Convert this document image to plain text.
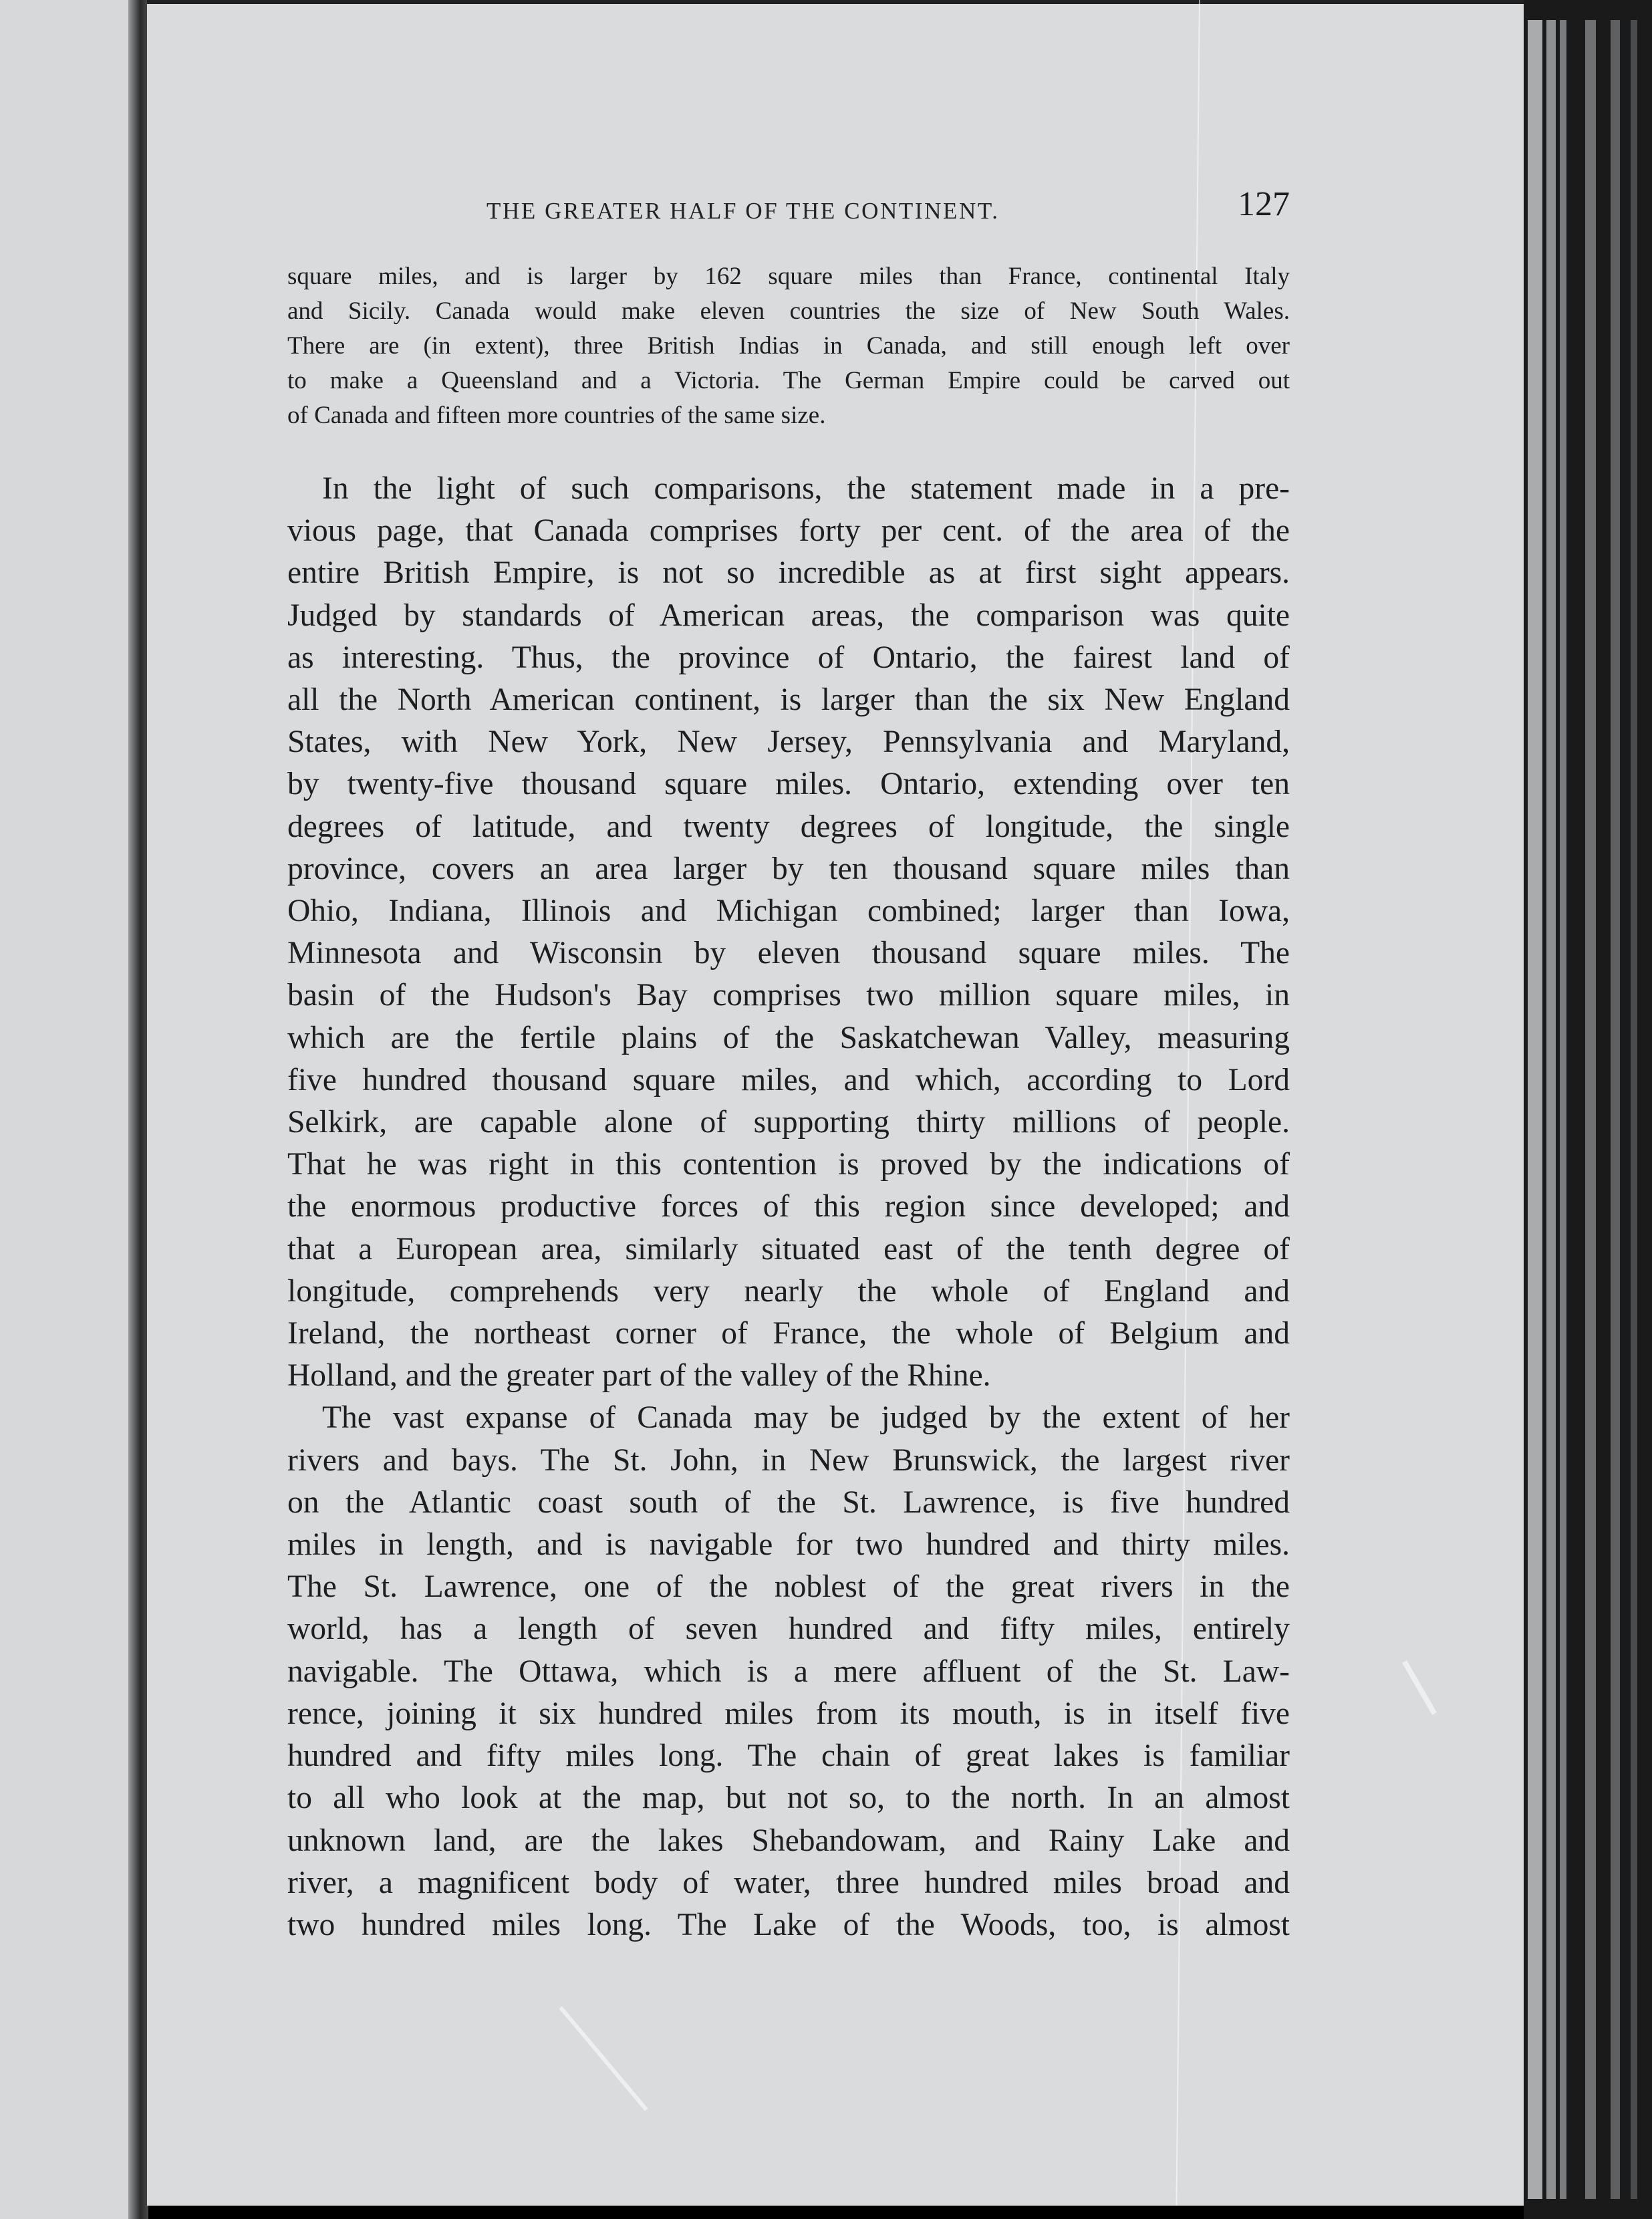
THE GREATER HALF OF THE CONTINENT.	127
square miles, and is larger by 162 square miles than France, continental Italy
and Sicily. Canada would make eleven countries the size of New South Wales.
There are (in extent), three British Indias in Canada, and still enough left over
to make a Queensland and a Victoria. The German Empire could be carved out
of Canada and fifteen more countries of the same size.
In the light of such comparisons, the statement made in a pre-
vious page, that Canada comprises forty per cent. of the area of the
entire British Empire, is not so incredible as at first sight appears.
Judged by standards of American areas, the comparison was quite
as interesting. Thus, the province of Ontario, the fairest land of
all the North American continent, is larger than the six New England
States, with New York, New Jersey, Pennsylvania and Maryland,
by twenty-five thousand square miles. Ontario, extending over ten
degrees of latitude, and twenty degrees of longitude, the single
province, covers an area larger by ten thousand square miles than
Ohio, Indiana, Illinois and Michigan combined; larger than Iowa,
Minnesota and Wisconsin by eleven thousand square miles. The
basin of the Hudson's Bay comprises two million square miles, in
which are the fertile plains of the Saskatchewan Valley, measuring
five hundred thousand square miles, and which, according to Lord
Selkirk, are capable alone of supporting thirty millions of people.
That he was right in this contention is proved by the indications of
the enormous productive forces of this region since developed; and
that a European area, similarly situated east of the tenth degree of
longitude, comprehends very nearly the whole of England and
Ireland, the northeast corner of France, the whole of Belgium and
Holland, and the greater part of the valley of the Rhine.
The vast expanse of Canada may be judged by the extent of her
rivers and bays. The St. John, in New Brunswick, the largest river
on the Atlantic coast south of the St. Lawrence, is five hundred
miles in length, and is navigable for two hundred and thirty miles.
The St. Lawrence, one of the noblest of the great rivers in the
world, has a length of seven hundred and fifty miles, entirely
navigable. The Ottawa, which is a mere affluent of the St. Law-
rence, joining it six hundred miles from its mouth, is in itself five
hundred and fifty miles long. The chain of great lakes is familiar
to all who look at the map, but not so, to the north. In an almost
unknown land, are the lakes Shebandowam, and Rainy Lake and
river, a magnificent body of water, three hundred miles broad and
two hundred miles long. The Lake of the Woods, too, is almost
